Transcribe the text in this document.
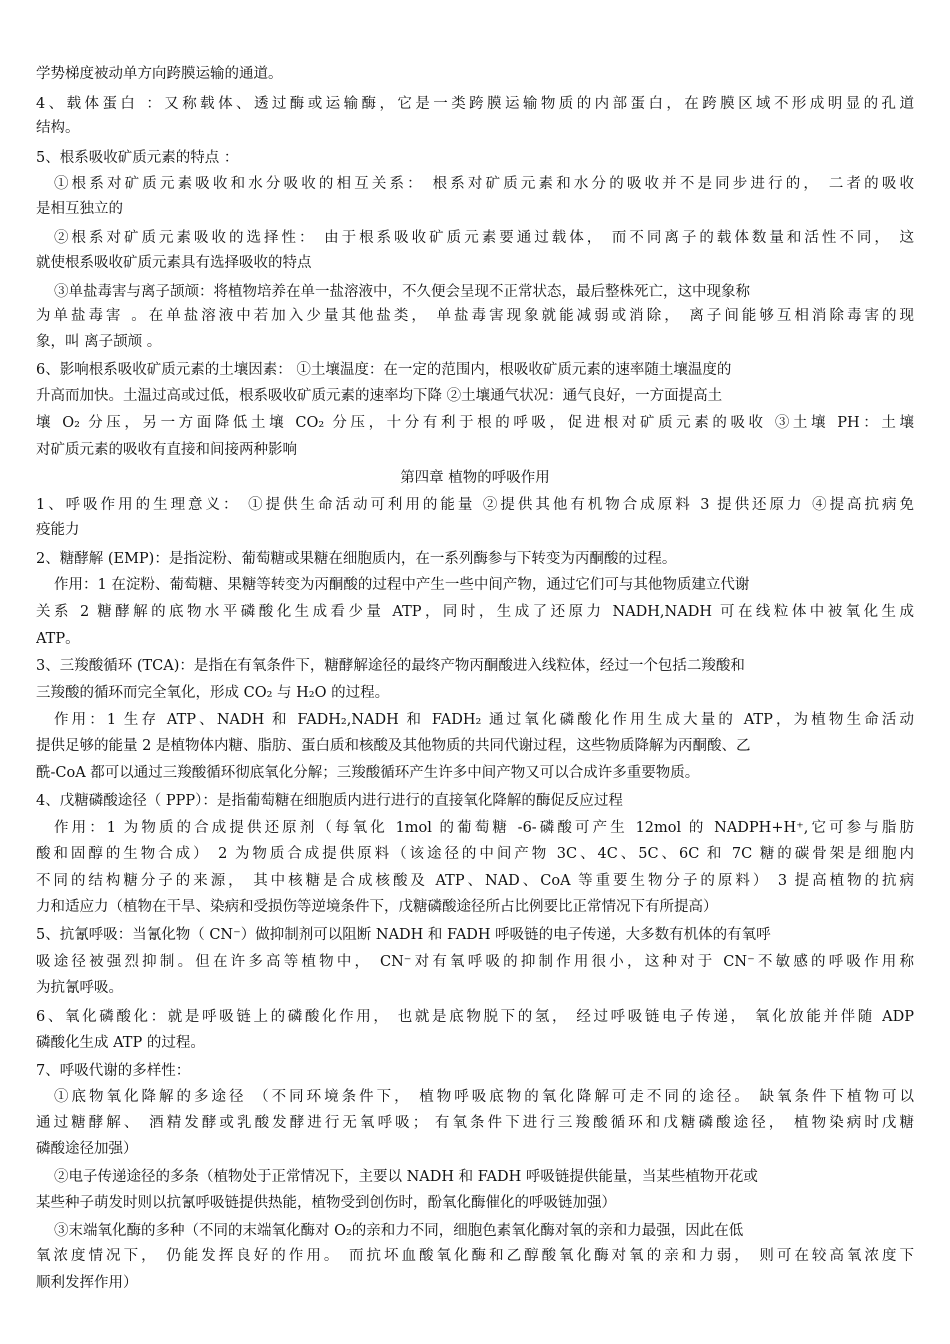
学势梯度被动单方向跨膜运输的通道。
4、载体蛋白 ：又称载体、透过酶或运输酶，它是一类跨膜运输物质的内部蛋白，在跨膜区域不形成明显的孔道
结构。
5、根系吸收矿质元素的特点 ：
①根系对矿质元素吸收和水分吸收的相互关系： 根系对矿质元素和水分的吸收并不是同步进行的， 二者的吸收
是相互独立的
②根系对矿质元素吸收的选择性： 由于根系吸收矿质元素要通过载体， 而不同离子的载体数量和活性不同， 这
就使根系吸收矿质元素具有选择吸收的特点
③单盐毒害与离子颉颃：将植物培养在单一盐溶液中，不久便会呈现不正常状态，最后整株死亡，这中现象称
为单盐毒害 。在单盐溶液中若加入少量其他盐类， 单盐毒害现象就能减弱或消除， 离子间能够互相消除毒害的现
象，叫 离子颉颃 。
6、影响根系吸收矿质元素的土壤因素： ①土壤温度：在一定的范围内，根吸收矿质元素的速率随土壤温度的
升高而加快。土温过高或过低，根系吸收矿质元素的速率均下降 ②土壤通气状况：通气良好，一方面提高土
壤 O₂ 分压，另一方面降低土壤 CO₂ 分压，十分有利于根的呼吸，促进根对矿质元素的吸收 ③土壤 PH：土壤
对矿质元素的吸收有直接和间接两种影响
第四章 植物的呼吸作用
1、呼吸作用的生理意义： ①提供生命活动可利用的能量 ②提供其他有机物合成原料 3 提供还原力 ④提高抗病免
疫能力
2、糖酵解 (EMP)：是指淀粉、葡萄糖或果糖在细胞质内，在一系列酶参与下转变为丙酮酸的过程。
作用：1 在淀粉、葡萄糖、果糖等转变为丙酮酸的过程中产生一些中间产物，通过它们可与其他物质建立代谢
关系 2 糖酵解的底物水平磷酸化生成看少量 ATP，同时，生成了还原力 NADH,NADH 可在线粒体中被氧化生成
ATP。
3、三羧酸循环 (TCA)：是指在有氧条件下，糖酵解途径的最终产物丙酮酸进入线粒体，经过一个包括二羧酸和
三羧酸的循环而完全氧化，形成 CO₂ 与 H₂O 的过程。
作用：1 生存 ATP、NADH 和 FADH₂,NADH 和 FADH₂ 通过氧化磷酸化作用生成大量的 ATP，为植物生命活动
提供足够的能量 2 是植物体内糖、脂肪、蛋白质和核酸及其他物质的共同代谢过程，这些物质降解为丙酮酸、乙
酰-CoA 都可以通过三羧酸循环彻底氧化分解；三羧酸循环产生许多中间产物又可以合成许多重要物质。
4、戊糖磷酸途径（ PPP）：是指葡萄糖在细胞质内进行进行的直接氧化降解的酶促反应过程
作用：1 为物质的合成提供还原剂（每氧化 1mol 的葡萄糖 -6-磷酸可产生 12mol 的 NADPH+H⁺,它可参与脂肪
酸和固醇的生物合成） 2 为物质合成提供原料（该途径的中间产物 3C、4C、5C、6C 和 7C 糖的碳骨架是细胞内
不同的结构糖分子的来源， 其中核糖是合成核酸及 ATP、NAD、CoA 等重要生物分子的原料） 3 提高植物的抗病
力和适应力（植物在干旱、染病和受损伤等逆境条件下，戊糖磷酸途径所占比例要比正常情况下有所提高）
5、抗氰呼吸：当氰化物（ CN⁻）做抑制剂可以阻断 NADH 和 FADH 呼吸链的电子传递，大多数有机体的有氧呼
吸途径被强烈抑制。但在许多高等植物中， CN⁻对有氧呼吸的抑制作用很小，这种对于 CN⁻不敏感的呼吸作用称
为抗氰呼吸。
6、氧化磷酸化：就是呼吸链上的磷酸化作用， 也就是底物脱下的氢， 经过呼吸链电子传递， 氧化放能并伴随 ADP
磷酸化生成 ATP 的过程。
7、呼吸代谢的多样性：
①底物氧化降解的多途径 （不同环境条件下， 植物呼吸底物的氧化降解可走不同的途径。 缺氧条件下植物可以
通过糖酵解、 酒精发酵或乳酸发酵进行无氧呼吸； 有氧条件下进行三羧酸循环和戊糖磷酸途径， 植物染病时戊糖
磷酸途径加强）
②电子传递途径的多条（植物处于正常情况下，主要以 NADH 和 FADH 呼吸链提供能量，当某些植物开花或
某些种子萌发时则以抗氰呼吸链提供热能，植物受到创伤时，酚氧化酶催化的呼吸链加强）
③末端氧化酶的多种（不同的末端氧化酶对 O₂的亲和力不同，细胞色素氧化酶对氧的亲和力最强，因此在低
氧浓度情况下， 仍能发挥良好的作用。 而抗坏血酸氧化酶和乙醇酸氧化酶对氧的亲和力弱， 则可在较高氧浓度下
顺利发挥作用）
